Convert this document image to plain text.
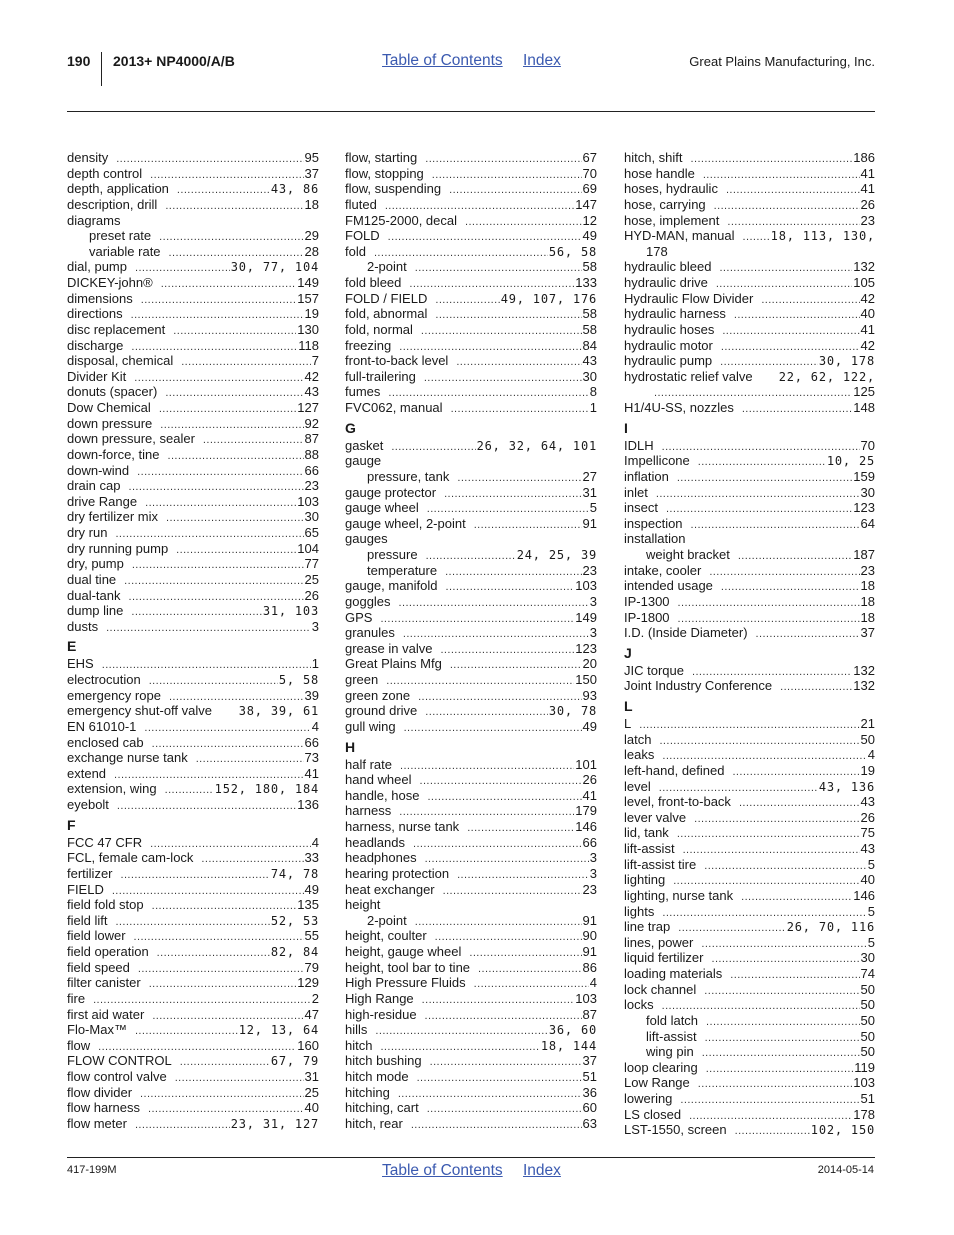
190 2013+ NP4000/A/B	Table of Contents Index	Great Plains Manufacturing, Inc.
density .....	95
depth control .....	37
depth, application .....	43, 86
description, drill .....	18
diagrams
preset rate .....	29
variable rate .....	28
dial, pump .....	30, 77, 104
DICKEY-john® .....	149
dimensions .....	157
directions .....	19
disc replacement .....	130
discharge .....	118
disposal, chemical .....	7
Divider Kit .....	42
donuts (spacer) .....	43
Dow Chemical .....	127
down pressure .....	92
down pressure, sealer .....	87
down-force, tine .....	88
down-wind .....	66
drain cap .....	23
drive Range .....	103
dry fertilizer mix .....	30
dry run .....	65
dry running pump .....	104
dry, pump .....	77
dual tine .....	25
dual-tank .....	26
dump line .....	31, 103
dusts .....	3
E
EHS .....	1
electrocution .....	5, 58
emergency rope .....	39
emergency shut-off valve 38, 39, 61
EN 61010-1 .....	4
enclosed cab .....	66
exchange nurse tank .....	73
extend .....	41
extension, wing .....	152, 180, 184
eyebolt .....	136
F
FCC 47 CFR .....	4
FCL, female cam-lock .....	33
fertilizer .....	74, 78
FIELD .....	49
field fold stop .....	135
field lift .....	52, 53
field lower .....	55
field operation .....	82, 84
field speed .....	79
filter canister .....	129
fire .....	2
first aid water .....	47
Flo-Max™ .....	12, 13, 64
flow .....	160
FLOW CONTROL .....	67, 79
flow control valve .....	31
flow divider .....	25
flow harness .....	40
flow meter .....	23, 31, 127
flow, starting .....	67
flow, stopping .....	70
flow, suspending .....	69
fluted .....	147
FM125-2000, decal .....	12
FOLD .....	49
fold .....	56, 58
2-point .....	58
fold bleed .....	133
FOLD / FIELD .....	49, 107, 176
fold, abnormal .....	58
fold, normal .....	58
freezing .....	84
front-to-back level .....	43
full-trailering .....	30
fumes .....	8
FVC062, manual .....	1
G
gasket .....	26, 32, 64, 101
gauge
pressure, tank .....	27
gauge protector .....	31
gauge wheel .....	5
gauge wheel, 2-point .....	91
gauges
pressure .....	24, 25, 39
temperature .....	23
gauge, manifold .....	103
goggles .....	3
GPS .....	149
granules .....	3
grease in valve .....	123
Great Plains Mfg .....	20
green .....	150
green zone .....	93
ground drive .....	30, 78
gull wing .....	49
H
half rate .....	101
hand wheel .....	26
handle, hose .....	41
harness .....	179
harness, nurse tank .....	146
headlands .....	66
headphones .....	3
hearing protection .....	3
heat exchanger .....	23
height
2-point .....	91
height, coulter .....	90
height, gauge wheel .....	91
height, tool bar to tine .....	86
High Pressure Fluids .....	4
High Range .....	103
high-residue .....	87
hills .....	36, 60
hitch .....	18, 144
hitch bushing .....	37
hitch mode .....	51
hitching .....	36
hitching, cart .....	60
hitch, rear .....	63
hitch, shift .....	186
hose handle .....	41
hoses, hydraulic .....	41
hose, carrying .....	26
hose, implement .....	23
HYD-MAN, manual .....	18, 113, 130,
178
hydraulic bleed .....	132
hydraulic drive .....	105
Hydraulic Flow Divider .....	42
hydraulic harness .....	40
hydraulic hoses .....	41
hydraulic motor .....	42
hydraulic pump .....	30, 178
hydrostatic relief valve 22, 62, 122,
.....
125
H1/4U-SS, nozzles .....	148
I
IDLH .....	70
Impellicone .....	10, 25
inflation .....	159
inlet .....	30
insect .....	123
inspection .....	64
installation
weight bracket .....	187
intake, cooler .....	23
intended usage .....	18
IP-1300 .....	18
IP-1800 .....	18
I.D. (Inside Diameter) .....	37
J
JIC torque .....	132
Joint Industry Conference .....	132
L
L .....	21
latch .....	50
leaks .....	4
left-hand, defined .....	19
level .....	43, 136
level, front-to-back .....	43
lever valve .....	26
lid, tank .....	75
lift-assist .....	43
lift-assist tire .....	5
lighting .....	40
lighting, nurse tank .....	146
lights .....	5
line trap .....	26, 70, 116
lines, power .....	5
liquid fertilizer .....	30
loading materials .....	74
lock channel .....	50
locks .....	50
fold latch .....	50
lift-assist .....	50
wing pin .....	50
loop clearing .....	119
Low Range .....	103
lowering .....	51
LS closed .....	178
LST-1550, screen .....	102, 150
417-199M	Table of Contents Index	2014-05-14
